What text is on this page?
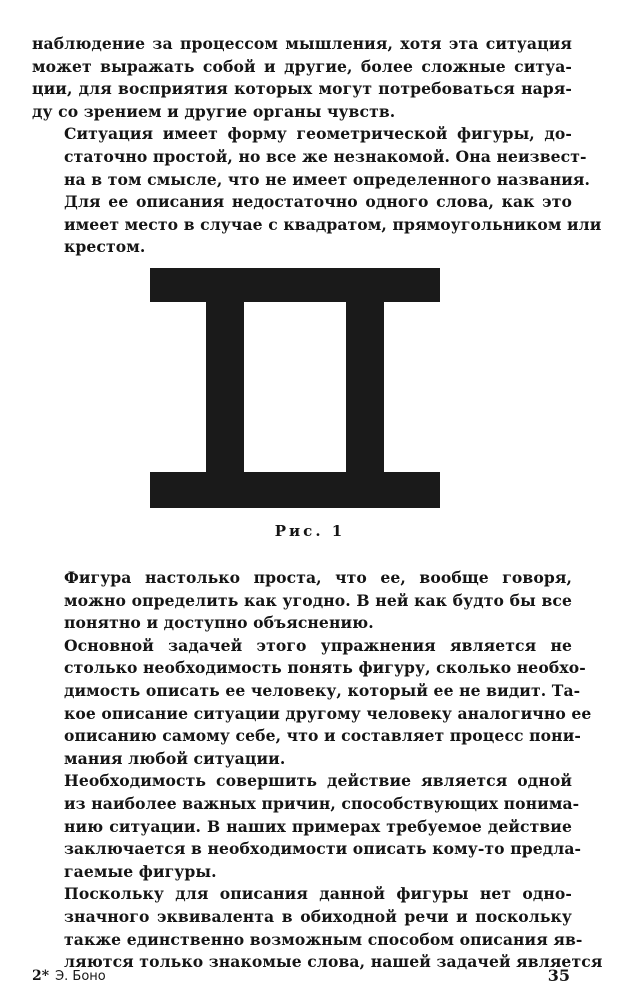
наблюдение за процессом мышления, хотя эта ситуация
может выражать собой и другие, более сложные ситуа-
ции, для восприятия которых могут потребоваться наря-
ду со зрением и другие органы чувств.

Ситуация имеет форму геометрической фигуры, до-
статочно простой, но все же незнакомой. Она неизвест-
на в том смысле, что не имеет определенного названия.
Для ее описания недостаточно одного слова, как это
имеет место в случае с квадратом, прямоугольником или
крестом.

Рис. 1

Фигура настолько проста, что ее, вообще говоря,
можно определить как угодно. В ней как будто бы все
понятно и доступно объяснению.

Основной задачей этого упражнения является не
столько необходимость понять фигуру, сколько необхо-
димость описать ее человеку, который ее не видит. Та-
кое описание ситуации другому человеку аналогично ее
описанию самому себе, что и составляет процесс пони-
мания любой ситуации.

Необходимость совершить действие является одной
из наиболее важных причин, способствующих понима-
нию ситуации. В наших примерах требуемое действие
заключается в необходимости описать кому-то предла-
гаемые фигуры.

Поскольку для описания данной фигуры нет одно-
значного эквивалента в обиходной речи и поскольку
также единственно возможным способом описания яв-
ляются только знакомые слова, нашей задачей является

2* Э. Боно	35
